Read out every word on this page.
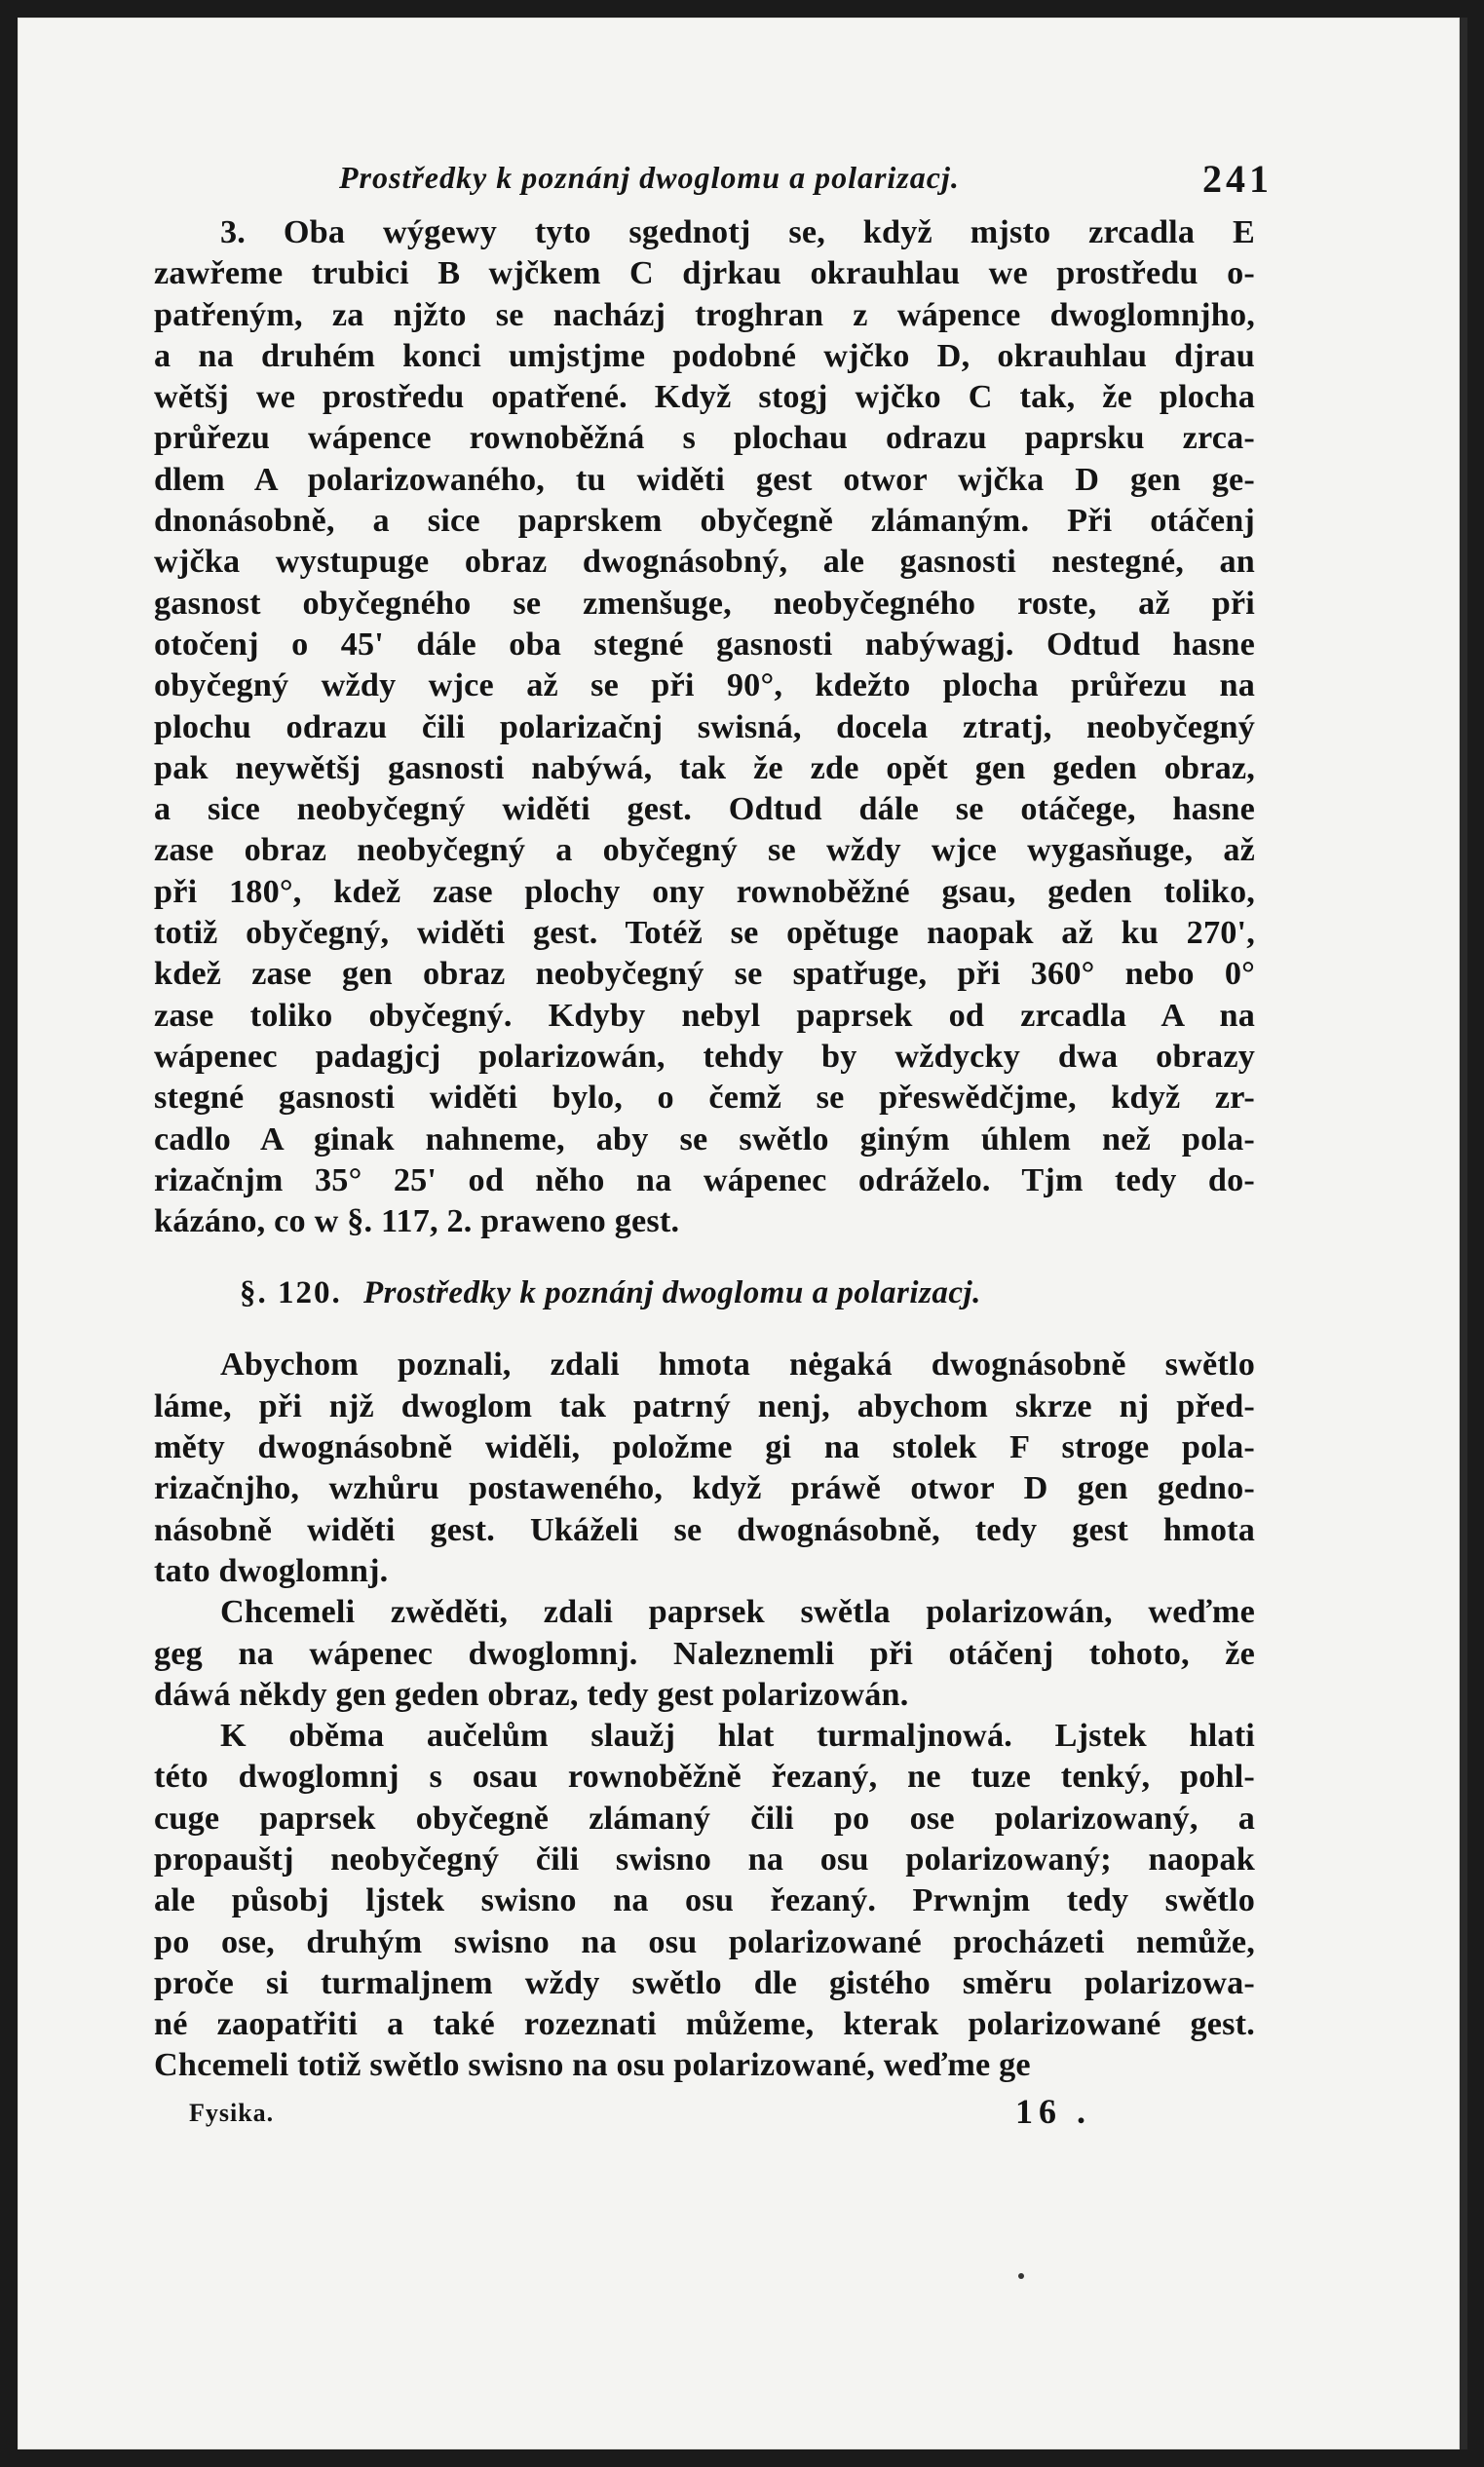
Prostředky k poznánj dwoglomu a polarizacj.	241

3. Oba wýgewy tyto sgednotj se, když mjsto zrcadla E
zawřeme trubici B wjčkem C djrkau okrauhlau we prostředu o-
patřeným, za njžto se nacházj troghran z wápence dwoglomnjho,
a na druhém konci umjstjme podobné wjčko D, okrauhlau djrau
wětšj we prostředu opatřené. Když stogj wjčko C tak, že plocha
průřezu wápence rownoběžná s plochau odrazu paprsku zrca-
dlem A polarizowaného, tu widěti gest otwor wjčka D gen ge-
dnonásobně, a sice paprskem obyčegně zlámaným. Při otáčenj
wjčka wystupuge obraz dwognásobný, ale gasnosti nestegné, an
gasnost obyčegného se zmenšuge, neobyčegného roste, až při
otočenj o 45' dále oba stegné gasnosti nabýwagj. Odtud hasne
obyčegný wždy wjce až se při 90°, kdežto plocha průřezu na
plochu odrazu čili polarizačnj swisná, docela ztratj, neobyčegný
pak neywětšj gasnosti nabýwá, tak že zde opět gen geden obraz,
a sice neobyčegný widěti gest. Odtud dále se otáčege, hasne
zase obraz neobyčegný a obyčegný se wždy wjce wygasňuge, až
při 180°, kdež zase plochy ony rownoběžné gsau, geden toliko,
totiž obyčegný, widěti gest. Totéž se opětuge naopak až ku 270',
kdež zase gen obraz neobyčegný se spatřuge, při 360° nebo 0°
zase toliko obyčegný. Kdyby nebyl paprsek od zrcadla A na
wápenec padagjcj polarizowán, tehdy by wždycky dwa obrazy
stegné gasnosti widěti bylo, o čemž se přeswědčjme, když zr-
cadlo A ginak nahneme, aby se swětlo giným úhlem než pola-
rizačnjm 35° 25' od něho na wápenec odráželo. Tjm tedy do-
kázáno, co w §. 117, 2. praweno gest.

§. 120. Prostředky k poznánj dwoglomu a polarizacj.

Abychom poznali, zdali hmota nėgaká dwognásobně swětlo
láme, při njž dwoglom tak patrný nenj, abychom skrze nj před-
měty dwognásobně widěli, položme gi na stolek F stroge pola-
rizačnjho, wzhůru postaweného, když práwě otwor D gen gedno-
násobně widěti gest. Ukáželi se dwognásobně, tedy gest hmota
tato dwoglomnj.

Chcemeli zwěděti, zdali paprsek swětla polarizowán, weďme
geg na wápenec dwoglomnj. Naleznemli při otáčenj tohoto, že
dáwá někdy gen geden obraz, tedy gest polarizowán.

K oběma aučelům slaužj hlat turmaljnowá. Ljstek hlati
této dwoglomnj s osau rownoběžně řezaný, ne tuze tenký, pohl-
cuge paprsek obyčegně zlámaný čili po ose polarizowaný, a
propauštj neobyčegný čili swisno na osu polarizowaný; naopak
ale působj ljstek swisno na osu řezaný. Prwnjm tedy swětlo
po ose, druhým swisno na osu polarizowané procházeti nemůže,
proče si turmaljnem wždy swětlo dle gistého směru polarizowa-
né zaopatřiti a také rozeznati můžeme, kterak polarizowané gest.
Chcemeli totiž swětlo swisno na osu polarizowané, weďme ge

Fysika.	16 .
